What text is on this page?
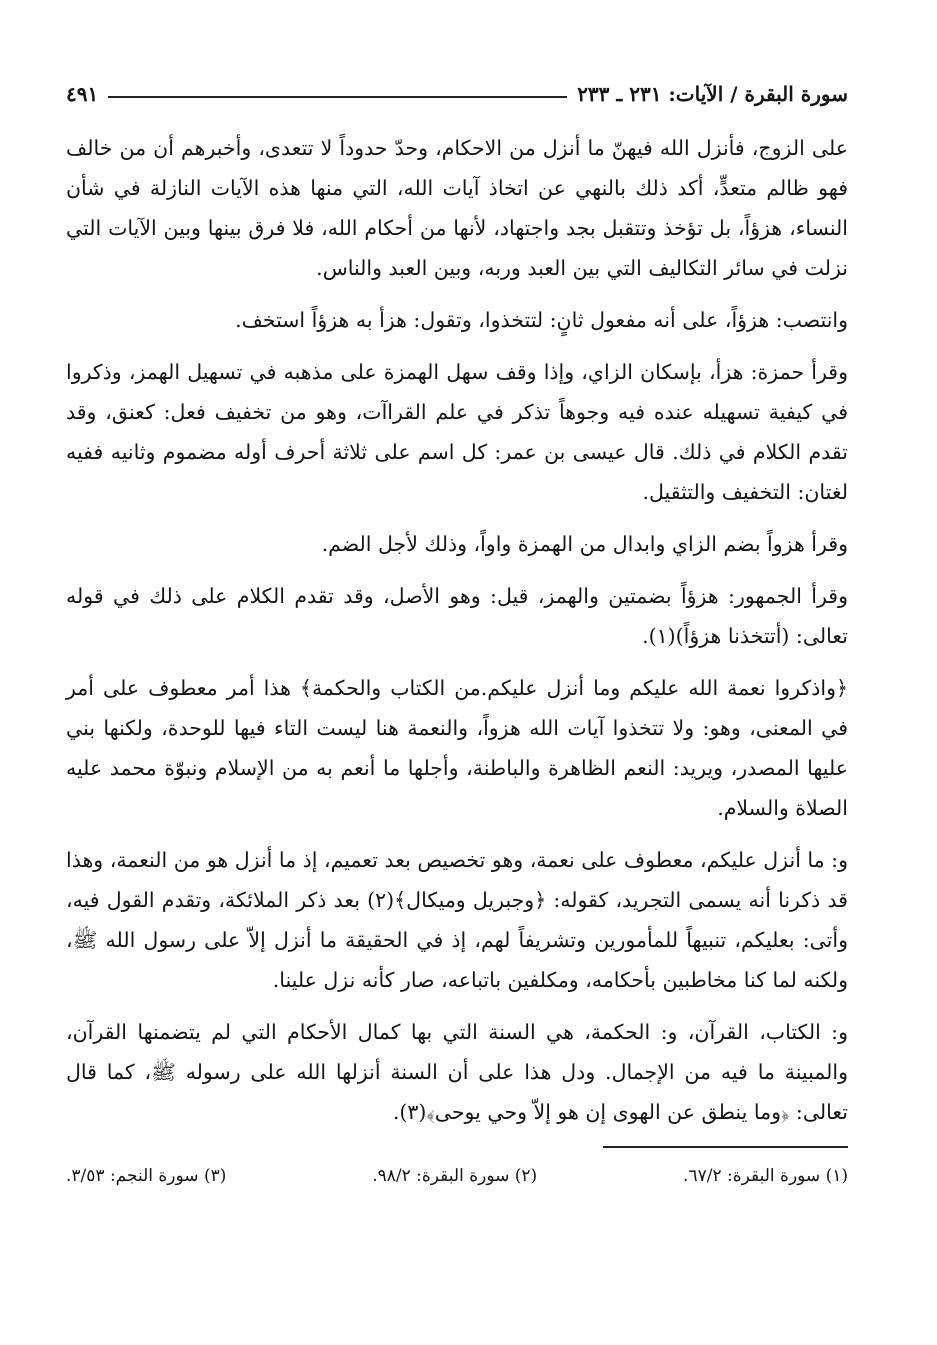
سورة البقرة / الآيات: ٢٣١ ـ ٢٣٣
٤٩١

على الزوج، فأنزل الله فيهنّ ما أنزل من الاحكام، وحدّ حدوداً لا تتعدى، وأخبرهم أن من خالف فهو ظالم متعدٍّ، أكد ذلك بالنهي عن اتخاذ آيات الله، التي منها هذه الآيات النازلة في شأن النساء، هزؤاً، بل تؤخذ وتتقبل بجد واجتهاد، لأنها من أحكام الله، فلا فرق بينها وبين الآيات التي نزلت في سائر التكاليف التي بين العبد وربه، وبين العبد والناس.

وانتصب: هزؤاً، على أنه مفعول ثانٍ: لتتخذوا، وتقول: هزأ به هزؤاً استخف.

وقرأ حمزة: هزأ، بإسكان الزاي، وإذا وقف سهل الهمزة على مذهبه في تسهيل الهمز، وذكروا في كيفية تسهيله عنده فيه وجوهاً تذكر في علم القراآت، وهو من تخفيف فعل: كعنق، وقد تقدم الكلام في ذلك. قال عيسى بن عمر: كل اسم على ثلاثة أحرف أوله مضموم وثانيه ففيه لغتان: التخفيف والتثقيل.

وقرأ هزواً بضم الزاي وابدال من الهمزة واواً، وذلك لأجل الضم.

وقرأ الجمهور: هزؤاً بضمتين والهمز، قيل: وهو الأصل، وقد تقدم الكلام على ذلك في قوله تعالى: (أتتخذنا هزؤاً)(١).

﴿واذكروا نعمة الله عليكم وما أنزل عليكم.من الكتاب والحكمة﴾ هذا أمر معطوف على أمر في المعنى، وهو: ولا تتخذوا آيات الله هزواً، والنعمة هنا ليست التاء فيها للوحدة، ولكنها بني عليها المصدر، ويريد: النعم الظاهرة والباطنة، وأجلها ما أنعم به من الإسلام ونبوّة محمد عليه الصلاة والسلام.

و: ما أنزل عليكم، معطوف على نعمة، وهو تخصيص بعد تعميم، إذ ما أنزل هو من النعمة، وهذا قد ذكرنا أنه يسمى التجريد، كقوله: ﴿وجبريل وميكال﴾(٢) بعد ذكر الملائكة، وتقدم القول فيه، وأتى: بعليكم، تنبيهاً للمأمورين وتشريفاً لهم، إذ في الحقيقة ما أنزل إلاّ على رسول الله ﷺ، ولكنه لما كنا مخاطبين بأحكامه، ومكلفين باتباعه، صار كأنه نزل علينا.

و: الكتاب، القرآن، و: الحكمة، هي السنة التي بها كمال الأحكام التي لم يتضمنها القرآن، والمبينة ما فيه من الإجمال. ودل هذا على أن السنة أنزلها الله على رسوله ﷺ، كما قال تعالى: ﴿وما ينطق عن الهوى إن هو إلاّ وحي يوحى﴾(٣).

(١) سورة البقرة: ٦٧/٢.
(٢) سورة البقرة: ٩٨/٢.
(٣) سورة النجم: ٣/٥٣.
